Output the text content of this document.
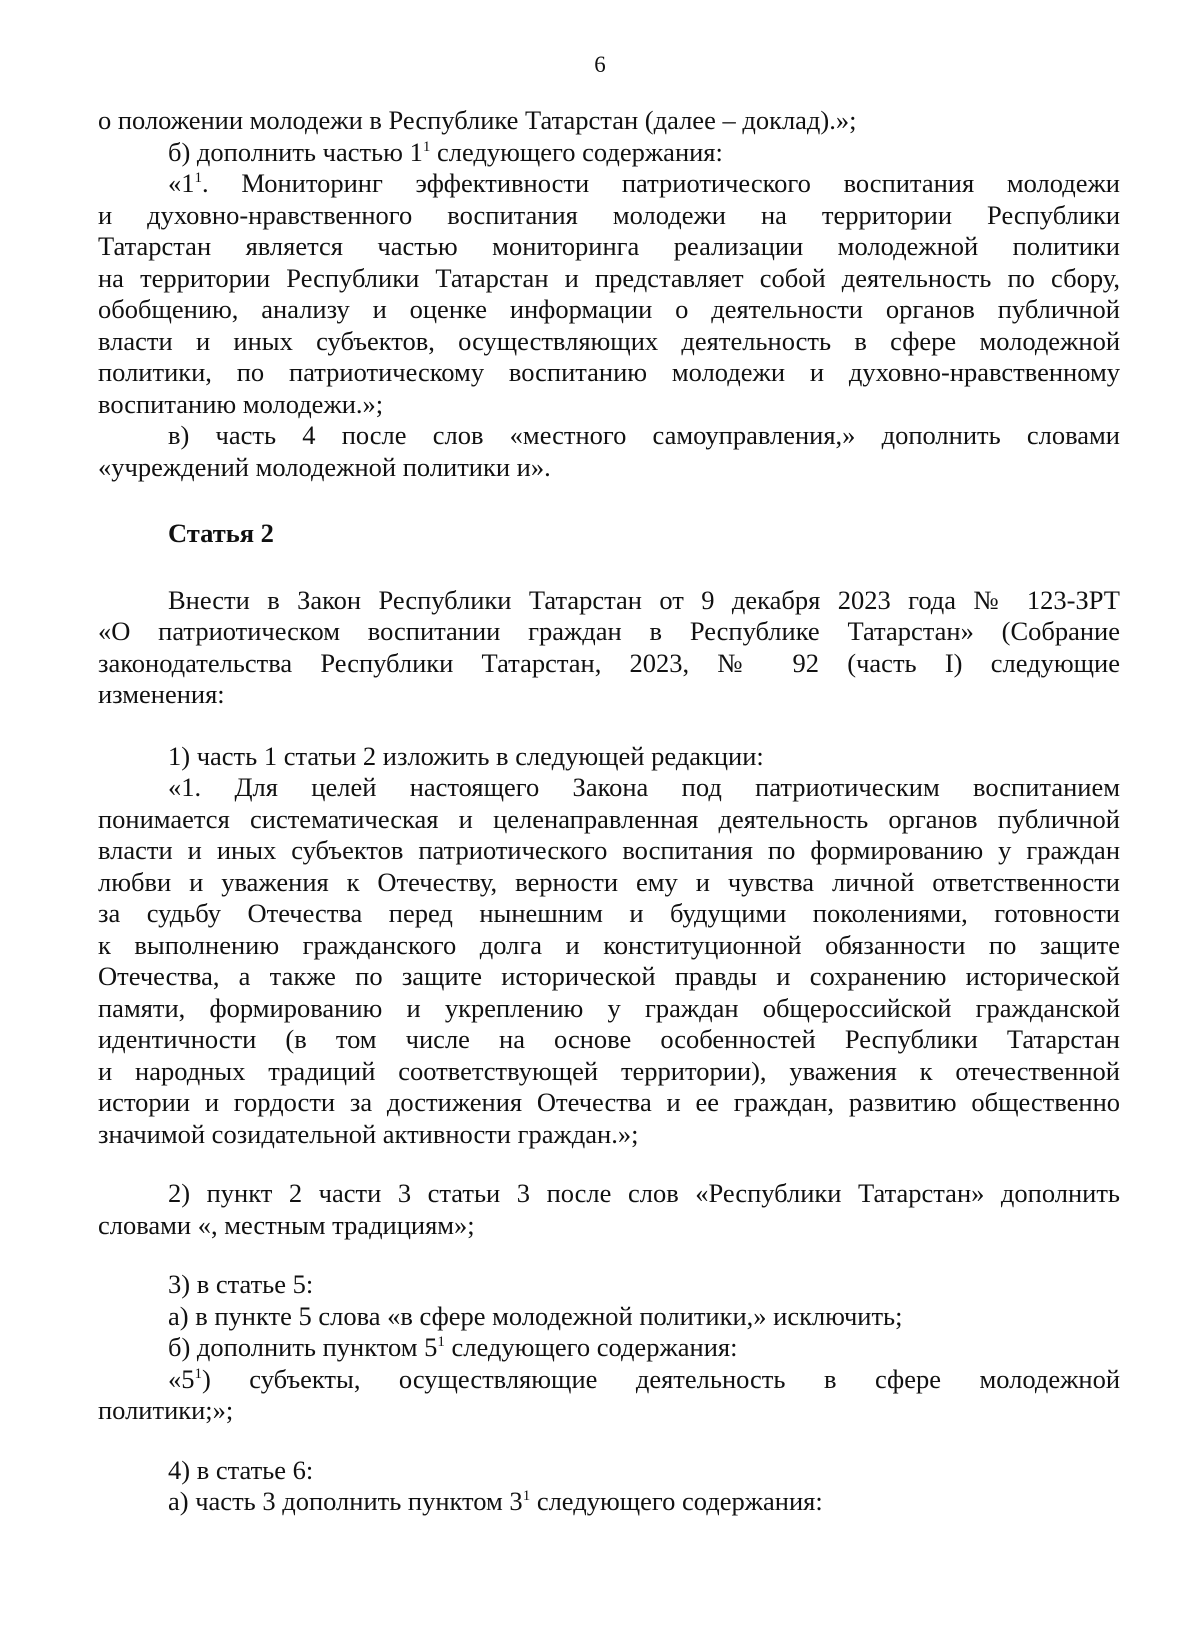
6
о положении молодежи в Республике Татарстан (далее – доклад).»;
б) дополнить частью $1^1$ следующего содержания:
«$1^1$. Мониторинг эффективности патриотического воспитания молодежи
и духовно-нравственного воспитания молодежи на территории Республики
Татарстан является частью мониторинга реализации молодежной политики
на территории Республики Татарстан и представляет собой деятельность по сбору,
обобщению, анализу и оценке информации о деятельности органов публичной
власти и иных субъектов, осуществляющих деятельность в сфере молодежной
политики, по патриотическому воспитанию молодежи и духовно-нравственному
воспитанию молодежи.»;
в) часть 4 после слов «местного самоуправления,» дополнить словами
«учреждений молодежной политики и».
Статья 2
Внести в Закон Республики Татарстан от 9 декабря 2023 года № 123-ЗРТ
«О патриотическом воспитании граждан в Республике Татарстан» (Собрание
законодательства Республики Татарстан, 2023, № 92 (часть I) следующие
изменения:
1) часть 1 статьи 2 изложить в следующей редакции:
«1. Для целей настоящего Закона под патриотическим воспитанием
понимается систематическая и целенаправленная деятельность органов публичной
власти и иных субъектов патриотического воспитания по формированию у граждан
любви и уважения к Отечеству, верности ему и чувства личной ответственности
за судьбу Отечества перед нынешним и будущими поколениями, готовности
к выполнению гражданского долга и конституционной обязанности по защите
Отечества, а также по защите исторической правды и сохранению исторической
памяти, формированию и укреплению у граждан общероссийской гражданской
идентичности (в том числе на основе особенностей Республики Татарстан
и народных традиций соответствующей территории), уважения к отечественной
истории и гордости за достижения Отечества и ее граждан, развитию общественно
значимой созидательной активности граждан.»;
2) пункт 2 части 3 статьи 3 после слов «Республики Татарстан» дополнить
словами «, местным традициям»;
3) в статье 5:
а) в пункте 5 слова «в сфере молодежной политики,» исключить;
б) дополнить пунктом $5^1$ следующего содержания:
«$5^1$) субъекты, осуществляющие деятельность в сфере молодежной
политики;»;
4) в статье 6:
а) часть 3 дополнить пунктом $3^1$ следующего содержания:
